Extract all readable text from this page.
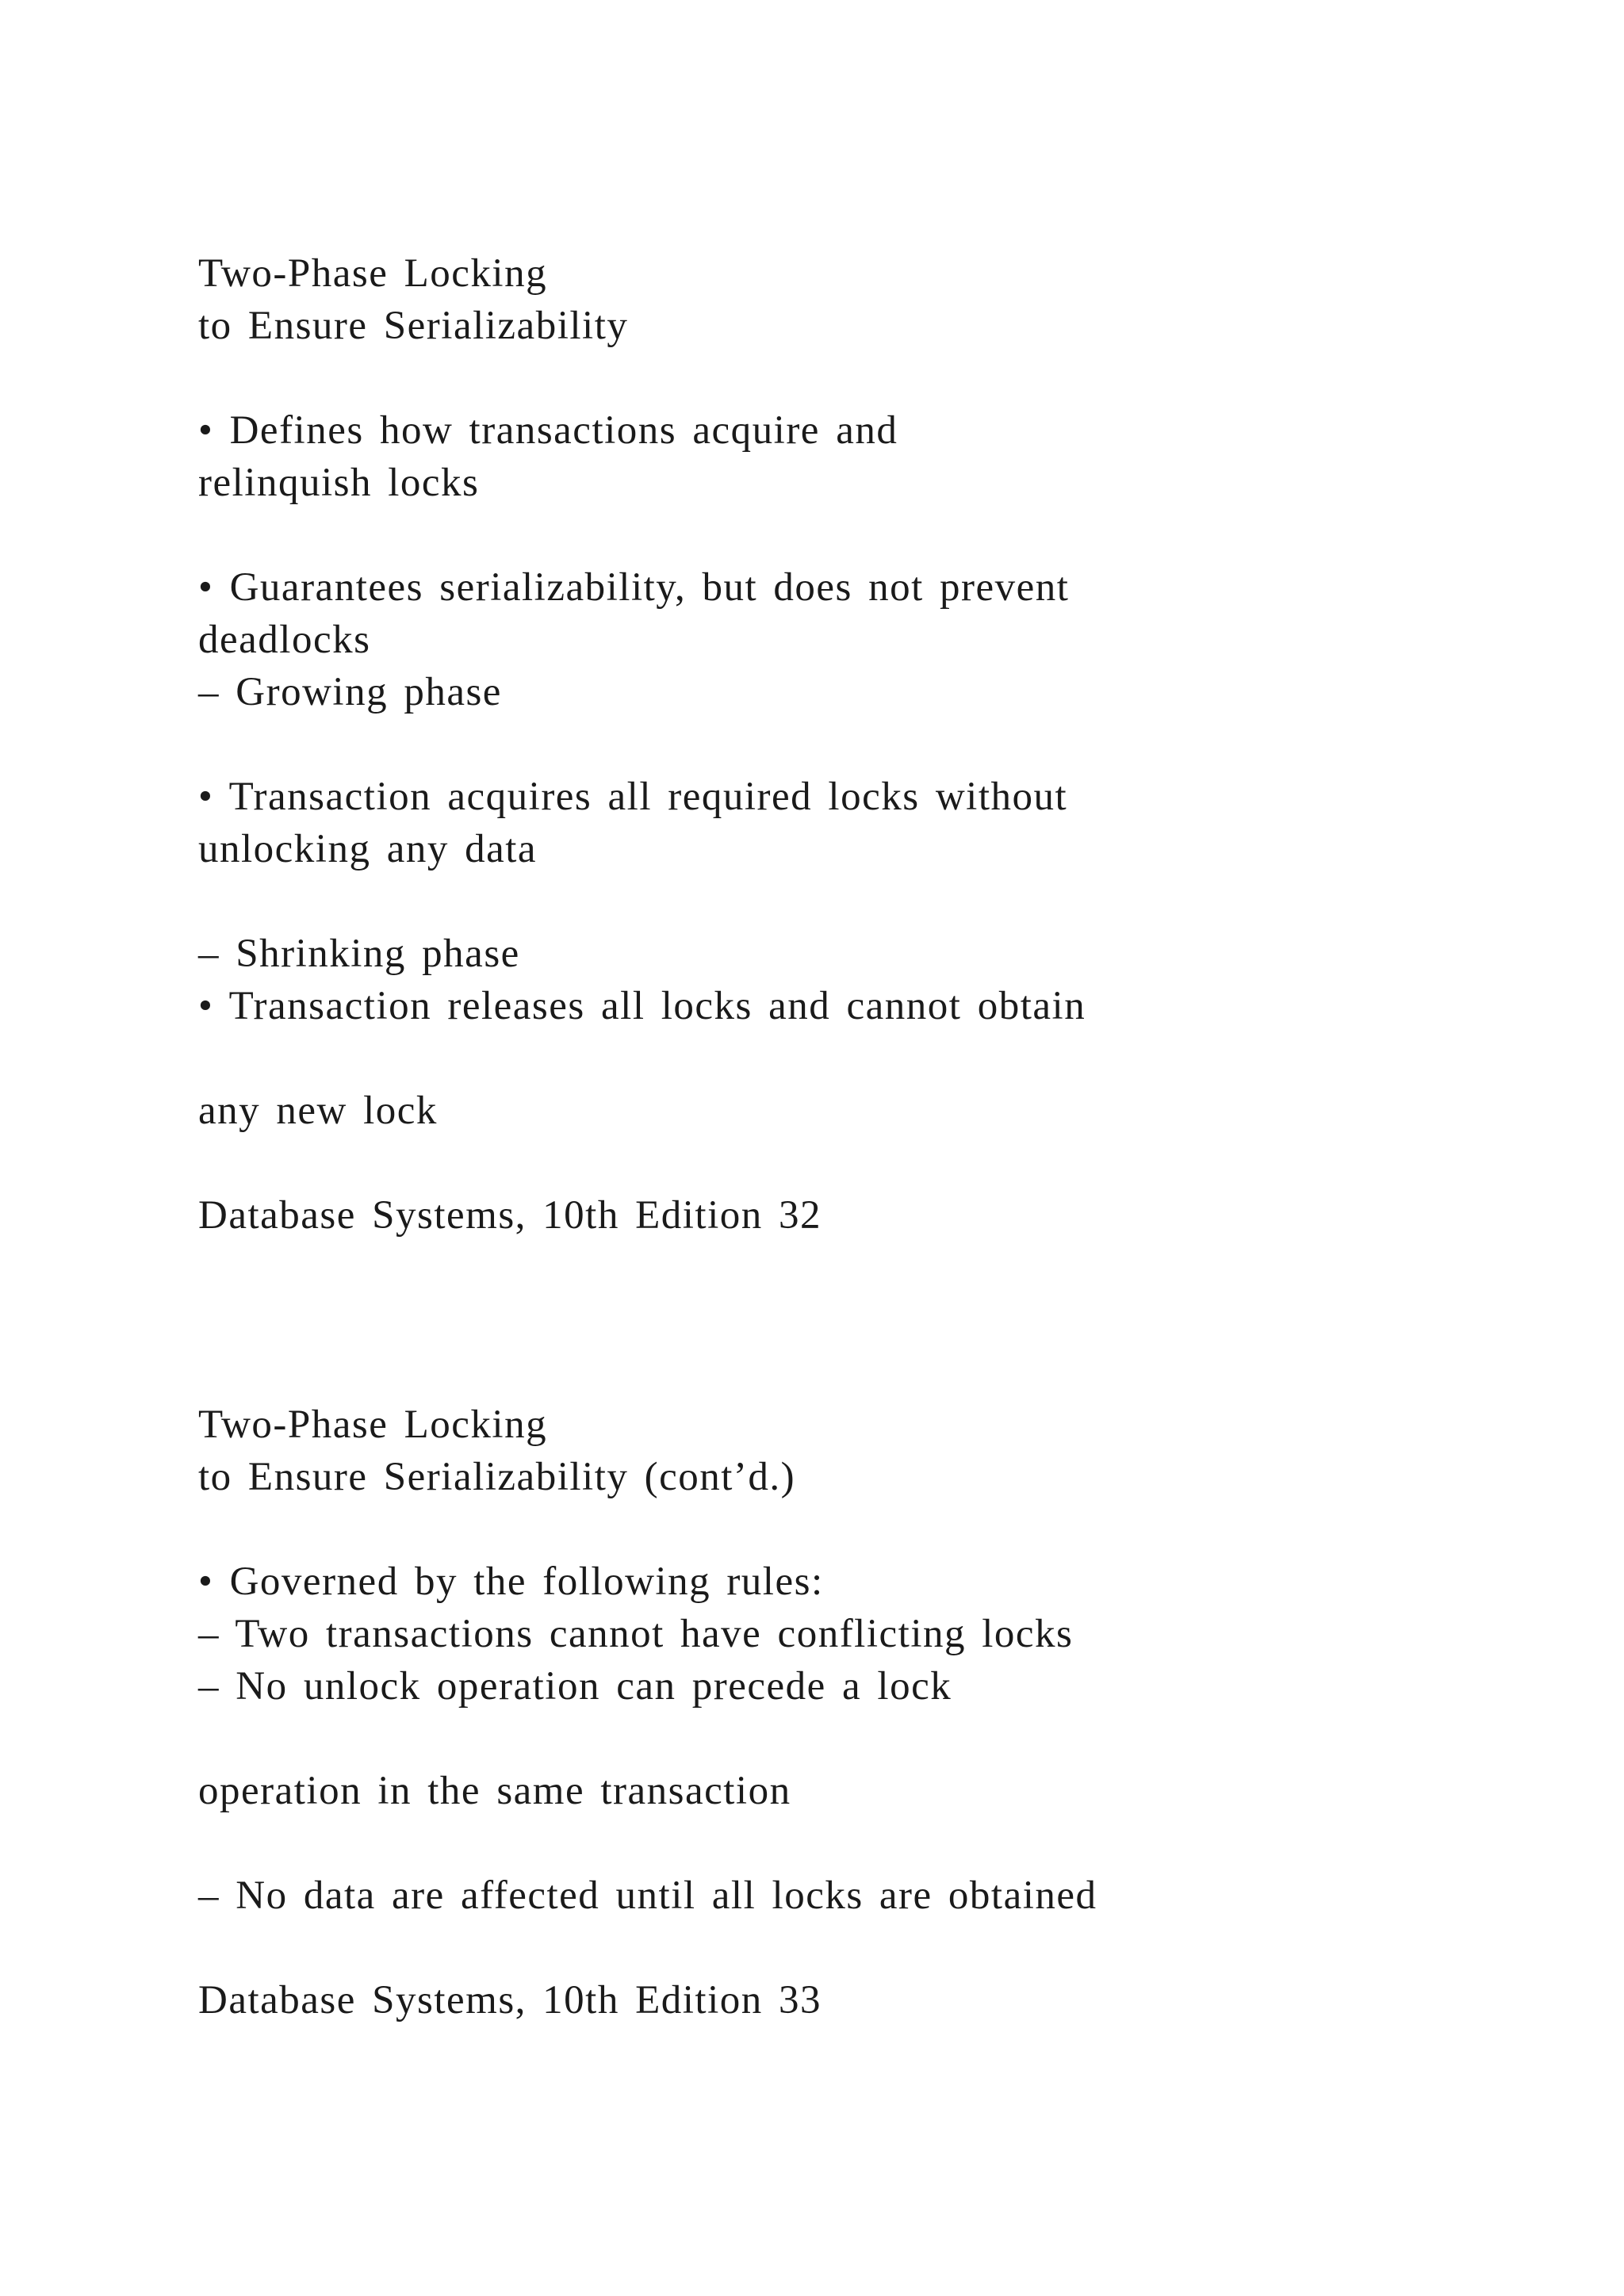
Two-Phase Locking
to Ensure Serializability
• Defines how transactions acquire and
relinquish locks
• Guarantees serializability, but does not prevent
deadlocks
– Growing phase
• Transaction acquires all required locks without
unlocking any data
– Shrinking phase
• Transaction releases all locks and cannot obtain
any new lock
Database Systems, 10th Edition 32
Two-Phase Locking
to Ensure Serializability (cont’d.)
• Governed by the following rules:
– Two transactions cannot have conflicting locks
– No unlock operation can precede a lock
operation in the same transaction
– No data are affected until all locks are obtained
Database Systems, 10th Edition 33
